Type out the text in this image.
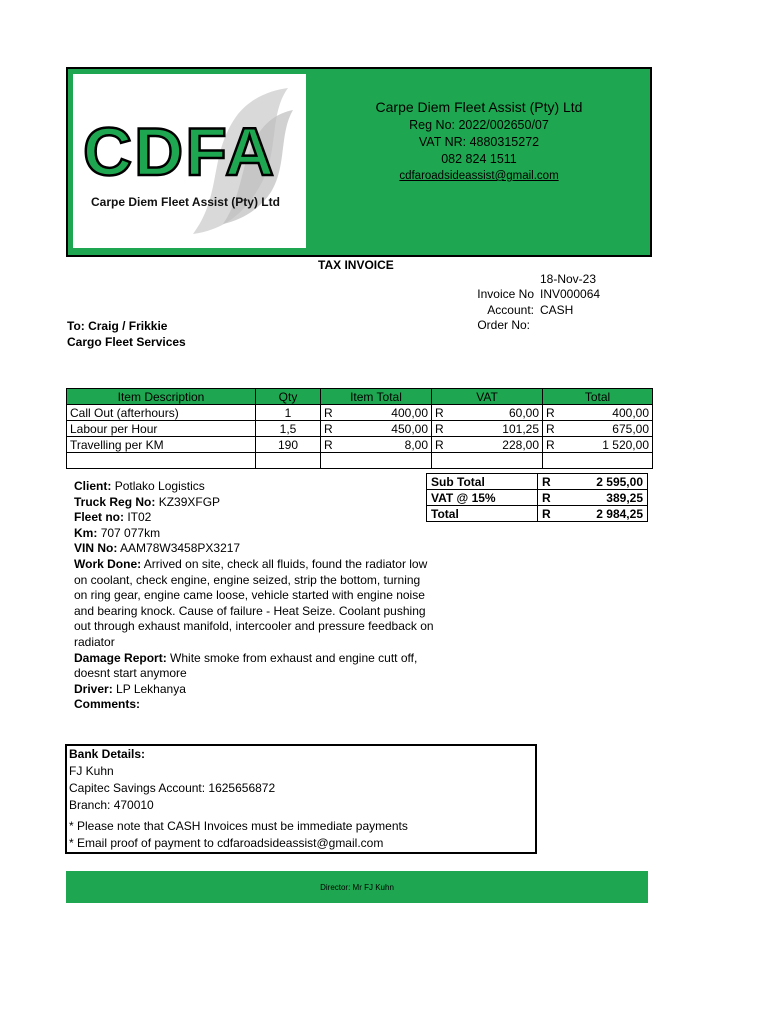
CDFA
Carpe Diem Fleet Assist (Pty) Ltd
Carpe Diem Fleet Assist (Pty) Ltd
Reg No: 2022/002650/07
VAT NR: 4880315272
082 824 1511
cdfaroadsideassist@gmail.com
TAX INVOICE
18-Nov-23
Invoice No INV000064
Account: CASH
Order No:
To: Craig / Frikkie
Cargo Fleet Services
Item Description	Qty	Item Total	VAT	Total
Call Out (afterhours)	1	R 400,00	R 60,00	R 400,00

Labour per Hour	1,5	R 450,00	R 101,25	R 675,00

Travelling per KM	190	R 8,00	R 228,00	R 1 520,00

Sub Total	R 2 595,00

VAT @ 15%	R 389,25

Total	R 2 984,25

Client: Potlako Logistics

Truck Reg No: KZ39XFGP

Fleet no: IT02

Km: 707 077km

VIN No: AAM78W3458PX3217

Work Done: Arrived on site, check all fluids, found the radiator low on coolant, check engine, engine seized, strip the bottom, turning on ring gear, engine came loose, vehicle started with engine noise and bearing knock. Cause of failure - Heat Seize. Coolant pushing out through exhaust manifold, intercooler and pressure feedback on radiator

Damage Report: White smoke from exhaust and engine cutt off, doesnt start anymore

Driver: LP Lekhanya

Comments:

Bank Details:

FJ Kuhn

Capitec Savings Account: 1625656872

Branch: 470010

* Please note that CASH Invoices must be immediate payments

* Email proof of payment to cdfaroadsideassist@gmail.com

Director: Mr FJ Kuhn
